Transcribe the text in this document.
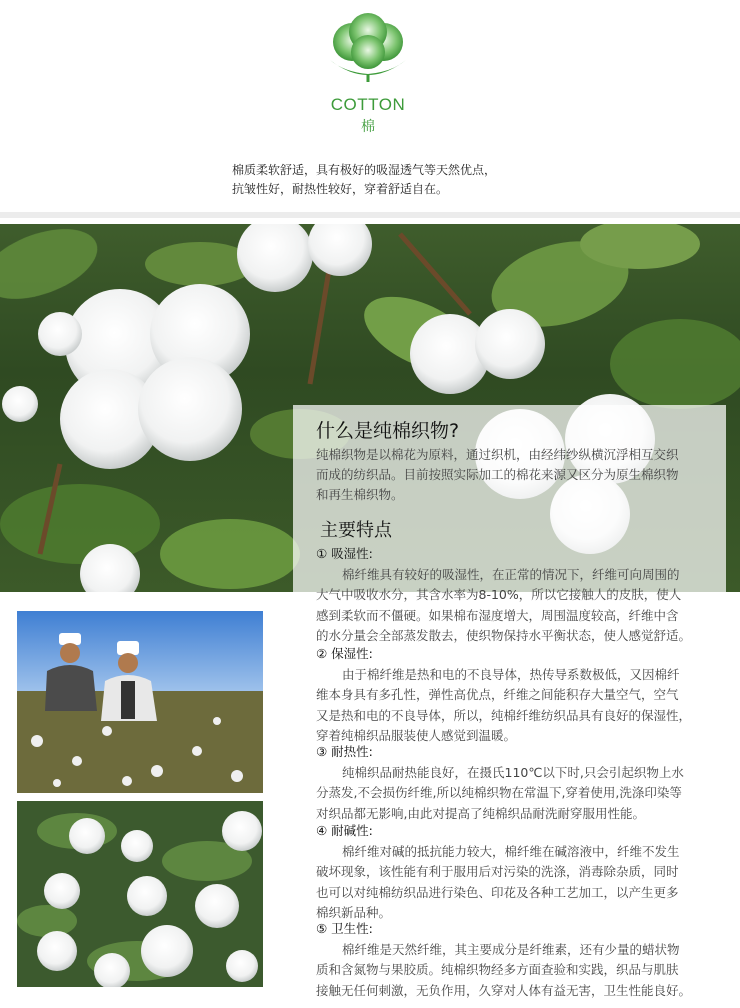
COTTON
棉
棉质柔软舒适，具有极好的吸湿透气等天然优点，
抗皱性好，耐热性较好，穿着舒适自在。
什么是纯棉织物?
纯棉织物是以棉花为原料，通过织机，由经纬纱纵横沉浮相互交织
而成的纺织品。目前按照实际加工的棉花来源又区分为原生棉织物
和再生棉织物。
主要特点
① 吸湿性:
棉纤维具有较好的吸湿性，在正常的情况下，纤维可向周围的
大气中吸收水分，其含水率为8-10%，所以它接触人的皮肤，使人
感到柔软而不僵硬。如果棉布湿度增大，周围温度较高，纤维中含
的水分量会全部蒸发散去，使织物保持水平衡状态，使人感觉舒适。
② 保湿性:
由于棉纤维是热和电的不良导体，热传导系数极低，又因棉纤
维本身具有多孔性，弹性高优点，纤维之间能积存大量空气，空气
又是热和电的不良导体，所以，纯棉纤维纺织品具有良好的保湿性，
穿着纯棉织品服装使人感觉到温暖。
③ 耐热性:
纯棉织品耐热能良好，在摄氏110℃以下时,只会引起织物上水
分蒸发,不会损伤纤维,所以纯棉织物在常温下,穿着使用,洗涤印染等
对织品都无影响,由此对提高了纯棉织品耐洗耐穿服用性能。
④ 耐碱性:
棉纤维对碱的抵抗能力较大，棉纤维在碱溶液中，纤维不发生
破坏现象，该性能有利于服用后对污染的洗涤，消毒除杂质，同时
也可以对纯棉纺织品进行染色、印花及各种工艺加工，以产生更多
棉织新品种。
⑤ 卫生性:
棉纤维是天然纤维，其主要成分是纤维素，还有少量的蜡状物
质和含氮物与果胶质。纯棉织物经多方面查验和实践，织品与肌肤
接触无任何刺激，无负作用，久穿对人体有益无害，卫生性能良好。
